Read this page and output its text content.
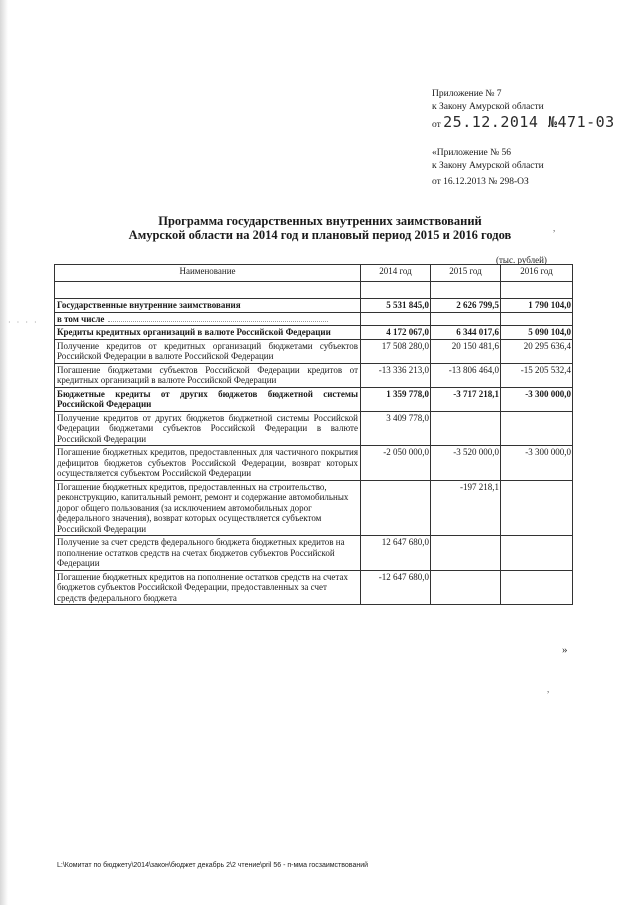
Приложение № 7
к Закону Амурской области
от 25.12.2014 №471-03
«Приложение № 56
к Закону Амурской области
от 16.12.2013 № 298-ОЗ
Программа государственных внутренних заимствований
Амурской области на 2014 год и плановый период 2015 и 2016 годов	,
(тыс. рублей)
Наименование	2014 год	2015 год	2016 год

Государственные внутренние заимствования	5 531 845,0	2 626 799,5	1 790 104,0
в том числе			
Кредиты кредитных организаций в валюте Российской Федерации	4 172 067,0	6 344 017,6	5 090 104,0
Получение кредитов от кредитных организаций бюджетами субъектов Российской Федерации в валюте Российской Федерации	17 508 280,0	20 150 481,6	20 295 636,4
Погашение бюджетами субъектов Российской Федерации кредитов от кредитных организаций в валюте Российской Федерации	-13 336 213,0	-13 806 464,0	-15 205 532,4
Бюджетные кредиты от других бюджетов бюджетной системы Российской Федерации	1 359 778,0	-3 717 218,1	-3 300 000,0
Получение кредитов от других бюджетов бюджетной системы Российской Федерации бюджетами субъектов Российской Федерации в валюте Российской Федерации	3 409 778,0		
Погашение бюджетных кредитов, предоставленных для частичного покрытия дефицитов бюджетов субъектов Российской Федерации, возврат которых осуществляется субъектом Российской Федерации	-2 050 000,0	-3 520 000,0	-3 300 000,0
Погашение бюджетных кредитов, предоставленных на строительство, реконструкцию, капитальный ремонт, ремонт и содержание автомобильных дорог общего пользования (за исключением автомобильных дорог федерального значения), возврат которых осуществляется субъектом Российской Федерации		-197 218,1	
Получение за счет средств федерального бюджета бюджетных кредитов на пополнение остатков средств на счетах бюджетов субъектов Российской Федерации	12 647 680,0		
Погашение бюджетных кредитов на пополнение остатков средств на счетах бюджетов субъектов Российской Федерации, предоставленных за счет средств федерального бюджета	-12 647 680,0		
»
,
· · · ·
L:\Комитат по бюджету\2014\закон\бюджет декабрь 2\2 чтение\pril 56 - п-мма госзаимствований
